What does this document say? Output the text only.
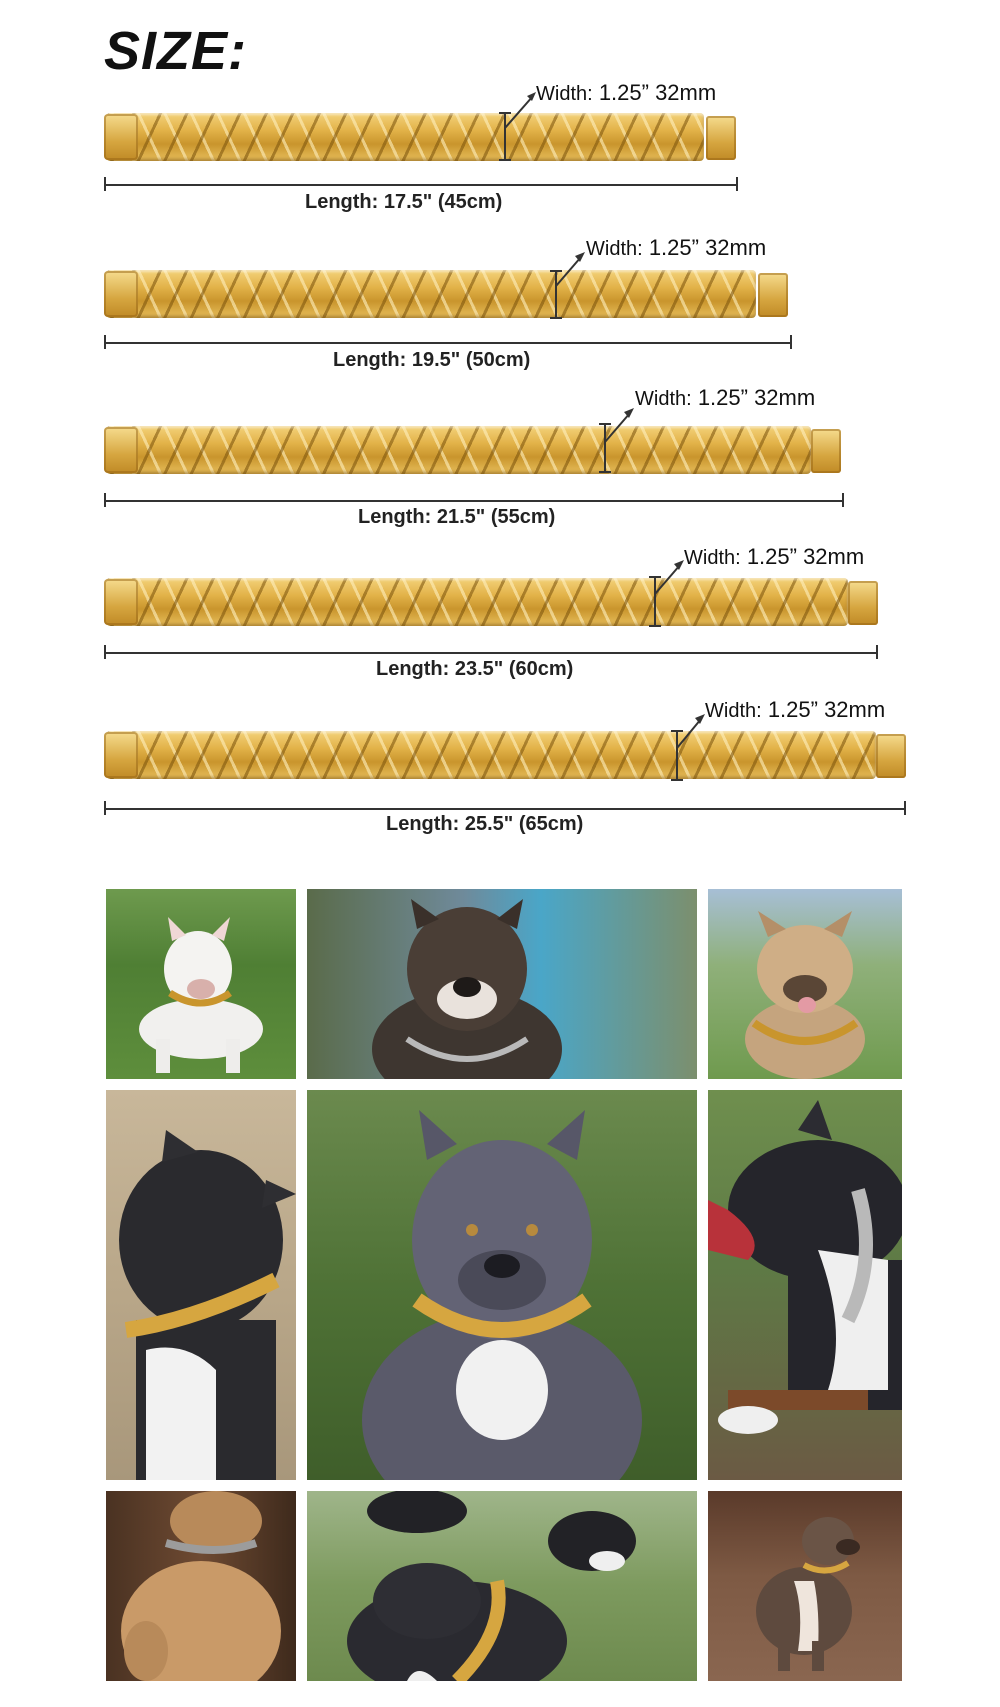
SIZE:
Width: 1.25” 32mm
Length: 17.5" (45cm)
Width: 1.25” 32mm
Length: 19.5" (50cm)
Width: 1.25” 32mm
Length: 21.5" (55cm)
Width: 1.25” 32mm
Length: 23.5" (60cm)
Width: 1.25” 32mm
Length: 25.5" (65cm)
